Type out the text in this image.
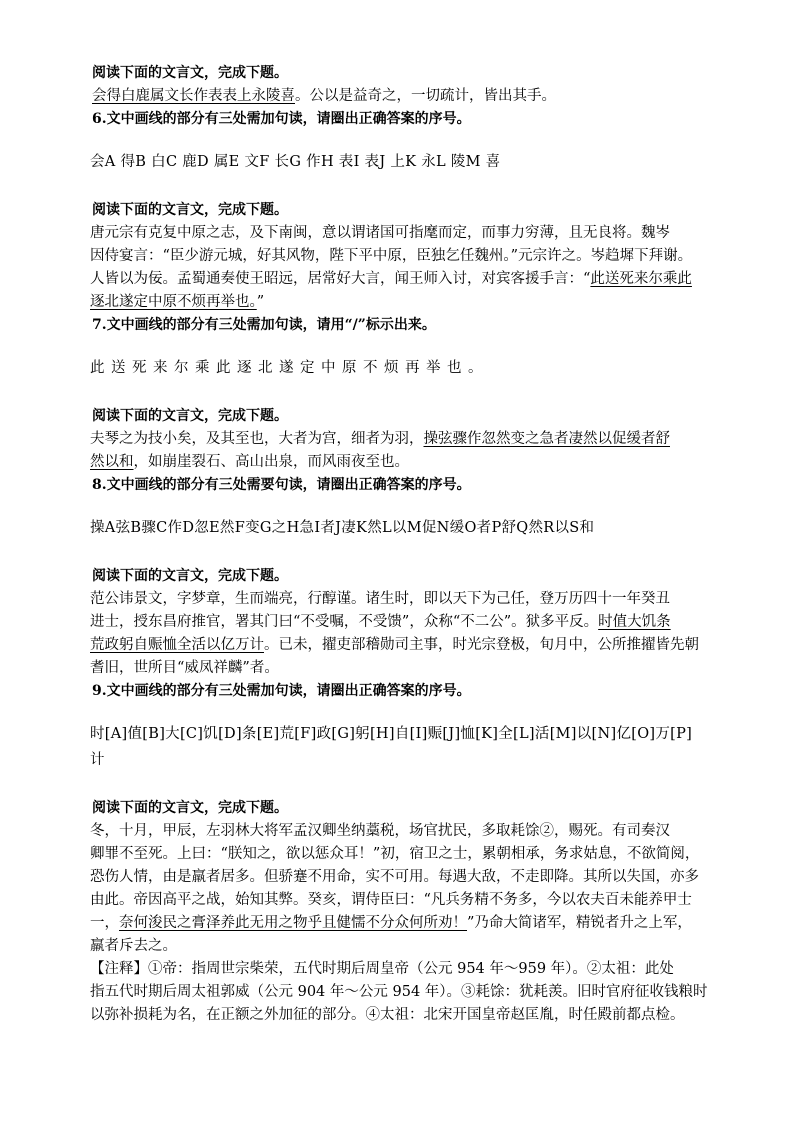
阅读下面的文言文，完成下题。

会得白鹿属文长作表表上永陵喜。公以是益奇之，一切疏计，皆出其手。

6.文中画线的部分有三处需加句读，请圈出正确答案的序号。

会A 得B 白C 鹿D 属E 文F 长G 作H 表I 表J 上K 永L 陵M 喜

阅读下面的文言文，完成下题。

唐元宗有克复中原之志，及下南闽，意以谓诸国可指麾而定，而事力穷薄，且无良将。魏岑
因侍宴言：“臣少游元城，好其风物，陛下平中原，臣独乞任魏州。”元宗许之。岑趋墀下拜谢。
人皆以为佞。孟蜀通奏使王昭远，居常好大言，闻王师入讨，对宾客援手言：“此送死来尔乘此
逐北遂定中原不烦再举也。”

7.文中画线的部分有三处需加句读，请用“/”标示出来。

此送死来尔乘此逐北遂定中原不烦再举也。

阅读下面的文言文，完成下题。

夫琴之为技小矣，及其至也，大者为宫，细者为羽，操弦骤作忽然变之急者凄然以促缓者舒
然以和，如崩崖裂石、高山出泉，而风雨夜至也。

8.文中画线的部分有三处需要句读，请圈出正确答案的序号。

操A弦B骤C作D忽E然F变G之H急I者J凄K然L以M促N缓O者P舒Q然R以S和

阅读下面的文言文，完成下题。

范公讳景文，字梦章，生而端亮，行醇谨。诸生时，即以天下为己任，登万历四十一年癸丑
进士，授东昌府推官，署其门曰“不受嘱，不受馈”，众称“不二公”。狱多平反。时值大饥条
荒政躬自赈恤全活以亿万计。已未，擢吏部稽勋司主事，时光宗登极，旬月中，公所推擢皆先朝
耆旧，世所目“威凤祥麟”者。

9.文中画线的部分有三处需加句读，请圈出正确答案的序号。

时[A]值[B]大[C]饥[D]条[E]荒[F]政[G]躬[H]自[I]赈[J]恤[K]全[L]活[M]以[N]亿[O]万[P]
计

阅读下面的文言文，完成下题。

冬，十月，甲辰，左羽林大将军孟汉卿坐纳藁税，场官扰民，多取耗馀②，赐死。有司奏汉
卿罪不至死。上曰：“朕知之，欲以惩众耳！”初，宿卫之士，累朝相承，务求姑息，不欲简阅，
恐伤人情，由是羸者居多。但骄蹇不用命，实不可用。每遇大敌，不走即降。其所以失国，亦多
由此。帝因高平之战，始知其弊。癸亥，谓侍臣曰：“凡兵务精不务多，今以农夫百未能养甲士
一，奈何浚民之膏泽养此无用之物乎且健懦不分众何所劝！”乃命大简诸军，精锐者升之上军，
羸者斥去之。

【注释】①帝：指周世宗柴荣，五代时期后周皇帝（公元 954 年～959 年）。②太祖：此处
指五代时期后周太祖郭威（公元 904 年～公元 954 年）。③耗馀：犹耗羡。旧时官府征收钱粮时
以弥补损耗为名，在正额之外加征的部分。④太祖：北宋开国皇帝赵匡胤，时任殿前都点检。
